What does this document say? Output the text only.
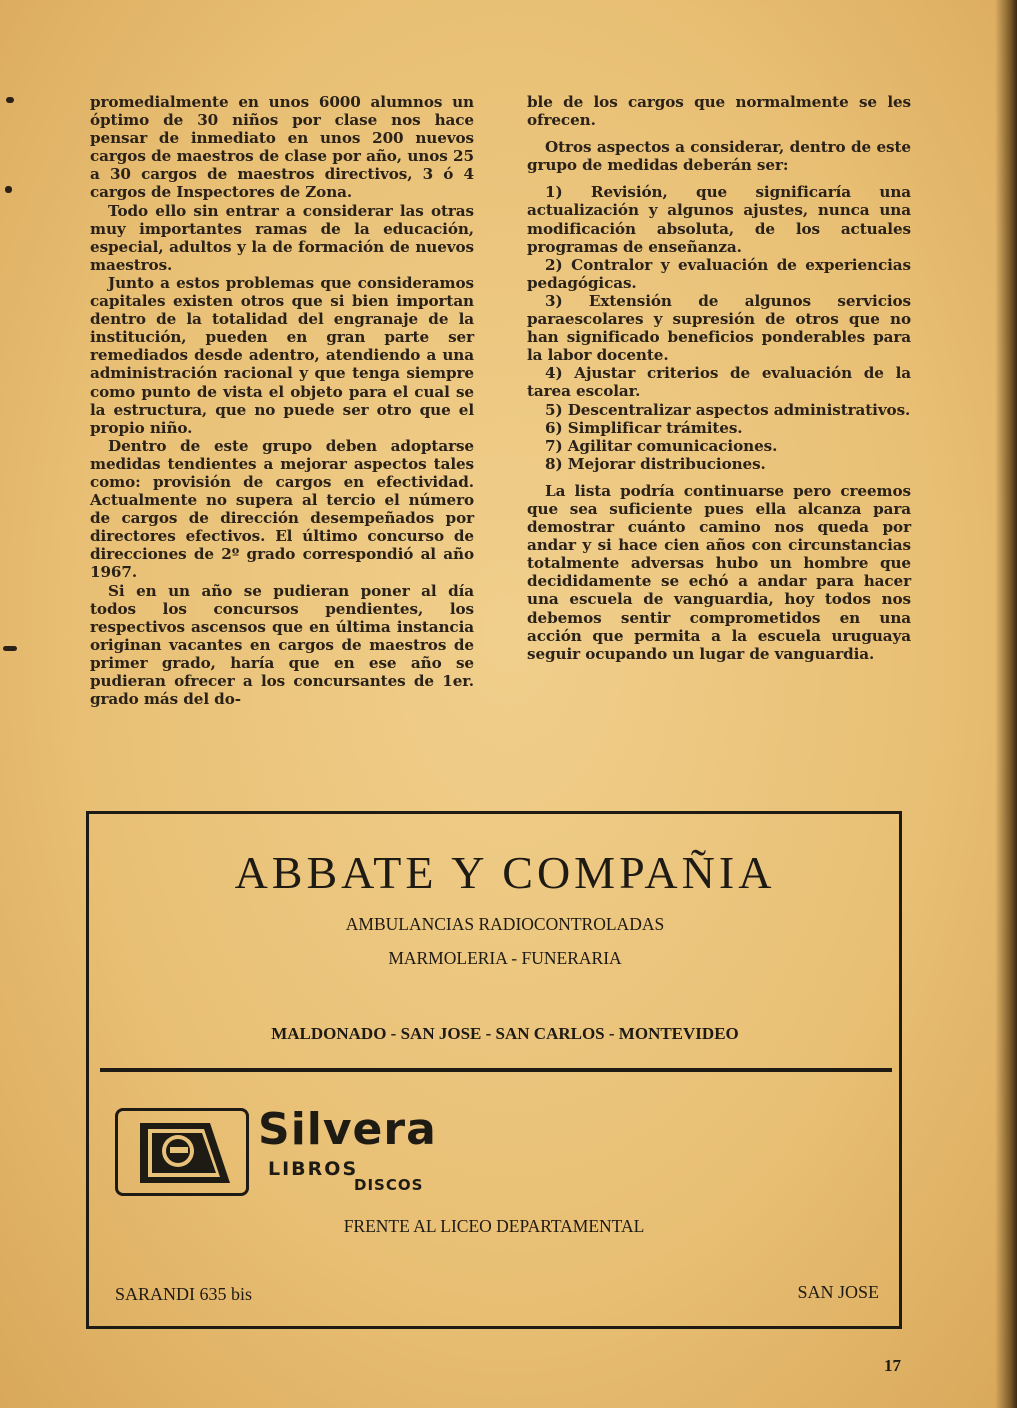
promedialmente en unos 6000 alumnos un óptimo de 30 niños por clase nos hace pensar de inmediato en unos 200 nuevos cargos de maestros de clase por año, unos 25 a 30 cargos de maestros directivos, 3 ó 4 cargos de Inspectores de Zona.

Todo ello sin entrar a considerar las otras muy importantes ramas de la educación, especial, adultos y la de formación de nuevos maestros.

Junto a estos problemas que consideramos capitales existen otros que si bien importan dentro de la totalidad del engranaje de la institución, pueden en gran parte ser remediados desde adentro, atendiendo a una administración racional y que tenga siempre como punto de vista el objeto para el cual se la estructura, que no puede ser otro que el propio niño.

Dentro de este grupo deben adoptarse medidas tendientes a mejorar aspectos tales como: provisión de cargos en efectividad. Actualmente no supera al tercio el número de cargos de dirección desempeñados por directores efectivos. El último concurso de direcciones de 2º grado correspondió al año 1967.

Si en un año se pudieran poner al día todos los concursos pendientes, los respectivos ascensos que en última instancia originan vacantes en cargos de maestros de primer grado, haría que en ese año se pudieran ofrecer a los concursantes de 1er. grado más del do-

ble de los cargos que normalmente se les ofrecen.

Otros aspectos a considerar, dentro de este grupo de medidas deberán ser:

1) Revisión, que significaría una actualización y algunos ajustes, nunca una modificación absoluta, de los actuales programas de enseñanza.

2) Contralor y evaluación de experiencias pedagógicas.

3) Extensión de algunos servicios paraescolares y supresión de otros que no han significado beneficios ponderables para la labor docente.

4) Ajustar criterios de evaluación de la tarea escolar.

5) Descentralizar aspectos administrativos.

6) Simplificar trámites.

7) Agilitar comunicaciones.

8) Mejorar distribuciones.

La lista podría continuarse pero creemos que sea suficiente pues ella alcanza para demostrar cuánto camino nos queda por andar y si hace cien años con circunstancias totalmente adversas hubo un hombre que decididamente se echó a andar para hacer una escuela de vanguardia, hoy todos nos debemos sentir comprometidos en una acción que permita a la escuela uruguaya seguir ocupando un lugar de vanguardia.

ABBATE Y COMPAÑIA
AMBULANCIAS RADIOCONTROLADAS
MARMOLERIA - FUNERARIA
MALDONADO - SAN JOSE - SAN CARLOS - MONTEVIDEO
Silvera
LIBROS
DISCOS
FRENTE AL LICEO DEPARTAMENTAL
SARANDI 635 bis	SAN JOSE
17
